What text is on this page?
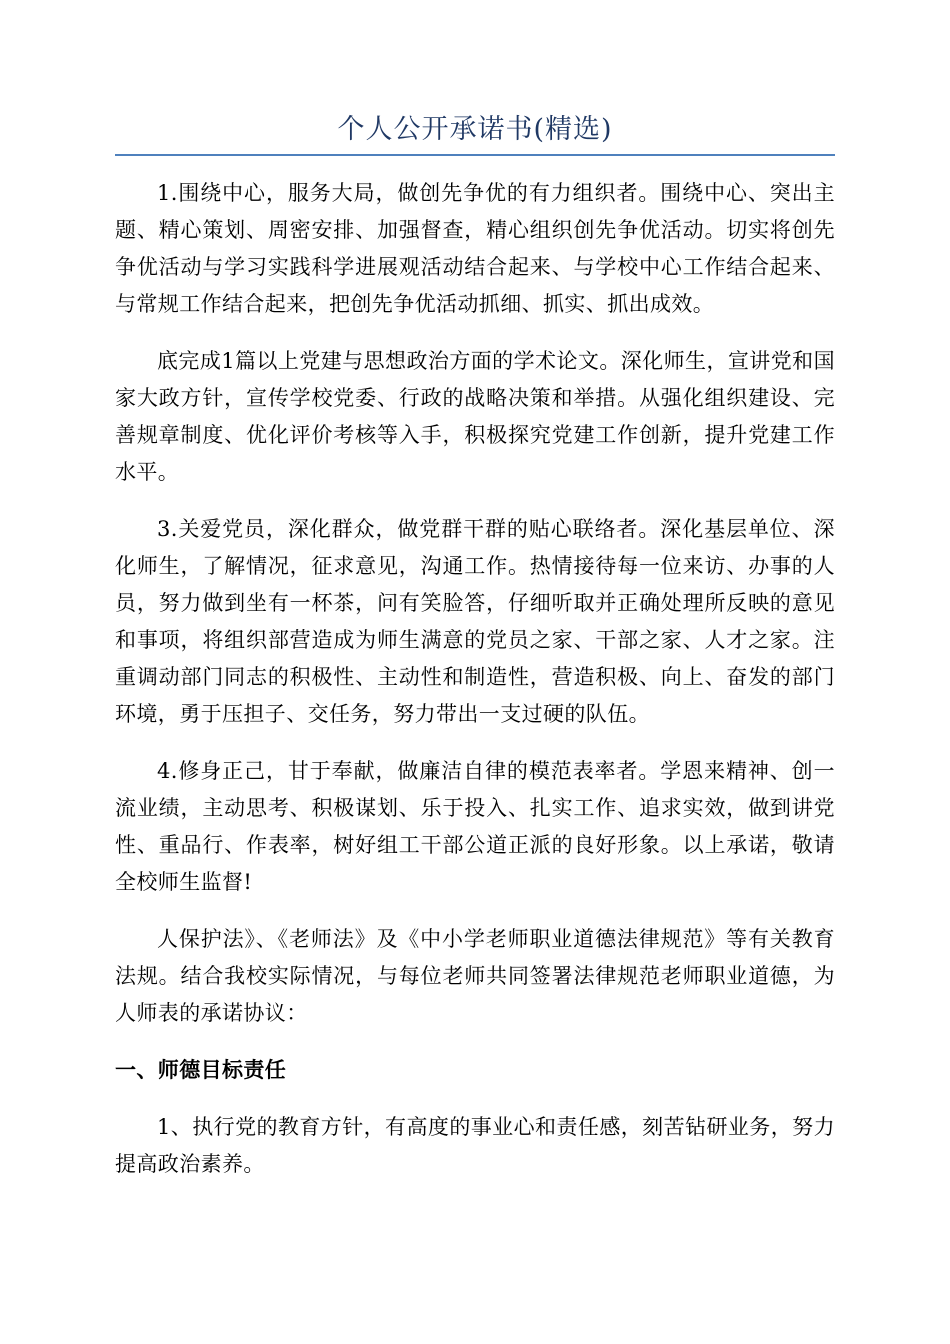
个人公开承诺书(精选)

1.围绕中心，服务大局，做创先争优的有力组织者。围绕中心、突出主题、精心策划、周密安排、加强督查，精心组织创先争优活动。切实将创先争优活动与学习实践科学进展观活动结合起来、与学校中心工作结合起来、与常规工作结合起来，把创先争优活动抓细、抓实、抓出成效。

底完成1篇以上党建与思想政治方面的学术论文。深化师生，宣讲党和国家大政方针，宣传学校党委、行政的战略决策和举措。从强化组织建设、完善规章制度、优化评价考核等入手，积极探究党建工作创新，提升党建工作水平。

3.关爱党员，深化群众，做党群干群的贴心联络者。深化基层单位、深化师生，了解情况，征求意见，沟通工作。热情接待每一位来访、办事的人员，努力做到坐有一杯茶，问有笑脸答，仔细听取并正确处理所反映的意见和事项，将组织部营造成为师生满意的党员之家、干部之家、人才之家。注重调动部门同志的积极性、主动性和制造性，营造积极、向上、奋发的部门环境，勇于压担子、交任务，努力带出一支过硬的队伍。

4.修身正己，甘于奉献，做廉洁自律的模范表率者。学恩来精神、创一流业绩，主动思考、积极谋划、乐于投入、扎实工作、追求实效，做到讲党性、重品行、作表率，树好组工干部公道正派的良好形象。以上承诺，敬请全校师生监督!

人保护法》、《老师法》及《中小学老师职业道德法律规范》等有关教育法规。结合我校实际情况，与每位老师共同签署法律规范老师职业道德，为人师表的承诺协议：

一、师德目标责任

1、执行党的教育方针，有高度的事业心和责任感，刻苦钻研业务，努力提高政治素养。
